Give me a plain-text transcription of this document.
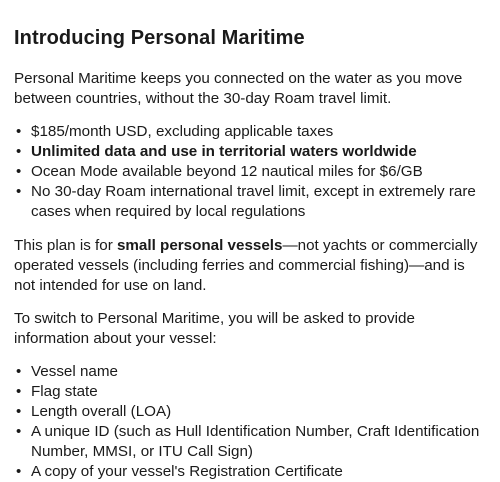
Introducing Personal Maritime

Personal Maritime keeps you connected on the water as you move between countries, without the 30-day Roam travel limit.

• $185/month USD, excluding applicable taxes
• Unlimited data and use in territorial waters worldwide
• Ocean Mode available beyond 12 nautical miles for $6/GB
• No 30-day Roam international travel limit, except in extremely rare cases when required by local regulations

This plan is for small personal vessels—not yachts or commercially operated vessels (including ferries and commercial fishing)—and is not intended for use on land.

To switch to Personal Maritime, you will be asked to provide information about your vessel:

• Vessel name
• Flag state
• Length overall (LOA)
• A unique ID (such as Hull Identification Number, Craft Identification Number, MMSI, or ITU Call Sign)
• A copy of your vessel's Registration Certificate
